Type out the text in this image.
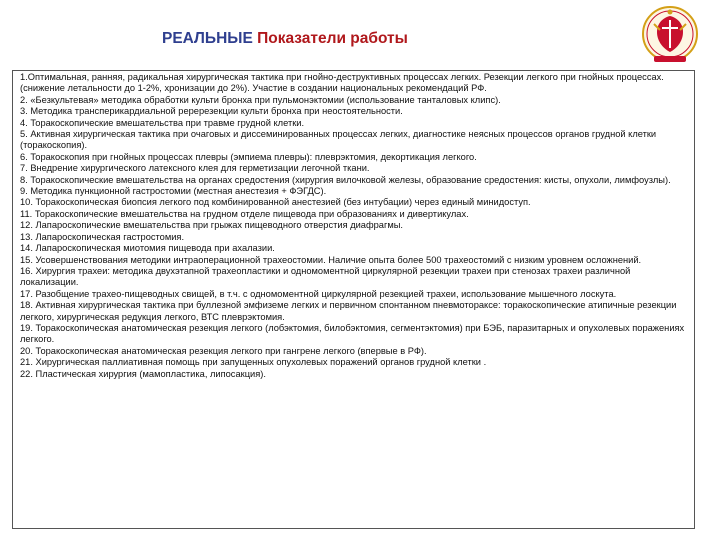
РЕАЛЬНЫЕ Показатели работы
1.Оптимальная, ранняя, радикальная хирургическая тактика при гнойно-деструктивных процессах легких. Резекции легкого при гнойных процессах. (снижение летальности до 1-2%, хронизации до 2%). Участие в создании национальных рекомендаций РФ.
2. «Безкультевая» методика обработки культи бронха при пульмонэктомии (использование танталовых клипс).
3. Методика трансперикардиальной реререзекции культи бронха при неостоятельности.
4. Торакоскопические вмешательства при травме грудной клетки.
5. Активная хирургическая тактика при очаговых и диссеминированных процессах легких, диагностике неясных процессов органов грудной клетки (торакоскопия).
6. Торакоскопия при гнойных процессах плевры (эмпиема плевры): плеврэктомия, декортикация легкого.
7. Внедрение хирургического латексного клея для герметизации легочной ткани.
8. Торакоскопические вмешательства на органах средостения (хирургия вилочковой железы, образование средостения: кисты, опухоли, лимфоузлы).
9. Методика пункционной гастростомии (местная анестезия + ФЭГДС).
10. Торакоскопическая биопсия легкого под комбинированной анестезией (без интубации) через единый минидоступ.
11. Торакоскопические вмешательства на грудном отделе пищевода при образованиях и дивертикулах.
12. Лапароскопические вмешательства при грыжах пищеводного отверстия диафрагмы.
13. Лапароскопическая гастростомия.
14. Лапароскопическая миотомия пищевода при ахалазии.
15. Усовершенствования методики интраоперационной трахеостомии. Наличие опыта более 500 трахеостомий с низким уровнем осложнений.
16. Хирургия трахеи: методика двухэтапной трахеопластики и одномоментной циркулярной резекции трахеи при стенозах трахеи различной локализации.
17. Разобщение трахео-пищеводных свищей, в т.ч. с одномоментной циркулярной резекцией трахеи, использование мышечного лоскута.
18. Активная хирургическая тактика при буллезной эмфиземе легких и первичном спонтанном пневмотораксе: торакоскопические атипичные резекции легкого, хирургическая редукция легкого, ВТС плеврэктомия.
19. Торакоскопическая анатомическая резекция легкого (лобэктомия, билобэктомия, сегментэктомия) при БЭБ, паразитарных и опухолевых поражениях легкого.
20. Торакоскопическая анатомическая резекция легкого при гангрене легкого (впервые в РФ).
21. Хирургическая паллиативная помощь при запущенных опухолевых поражений органов грудной клетки .
22. Пластическая хирургия (мамопластика, липосакция).
